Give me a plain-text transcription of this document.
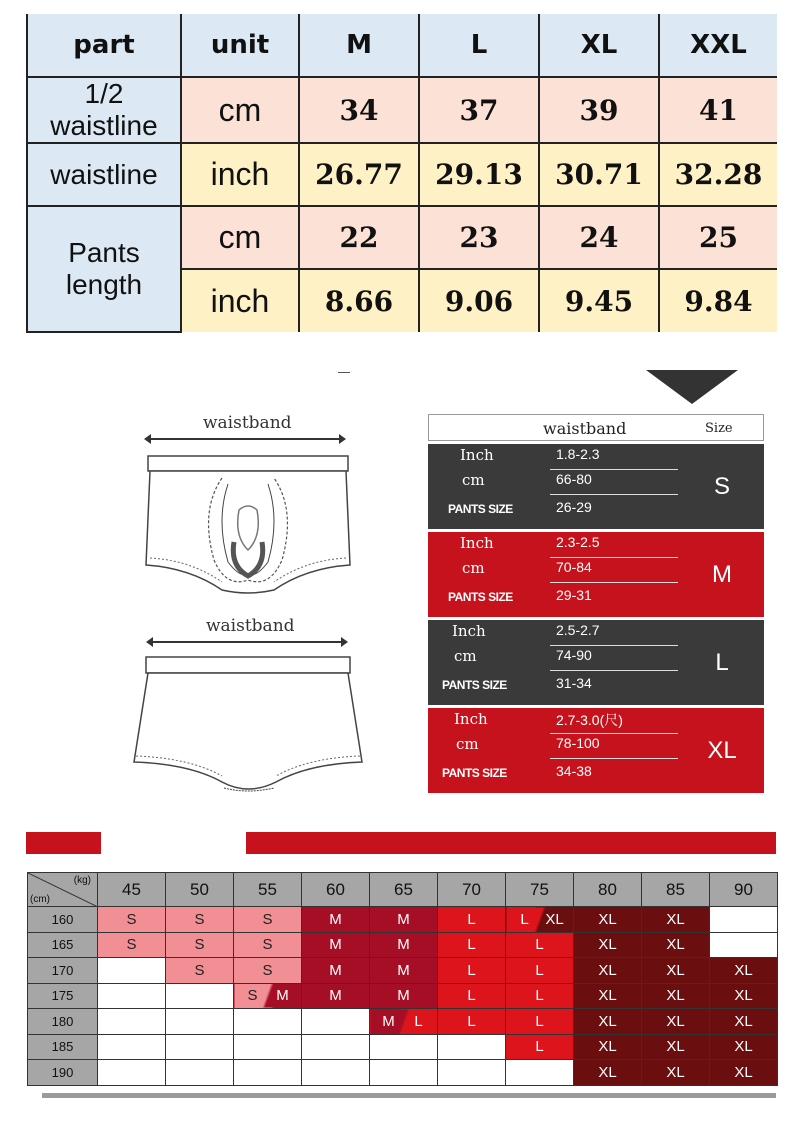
part	unit	M	L	XL	XXL
1/2 waistline	cm	34	37	39	41
waistline	inch	26.77	29.13	30.71	32.28
Pants length	cm	22	23	24	25
	inch	8.66	9.06	9.45	9.84
waistband
waistband
waistband	Size
Inch	1.8-2.3
cm	66-80
PANTS SIZE	26-29
S
Inch	2.3-2.5
cm	70-84
PANTS SIZE	29-31
M
Inch	2.5-2.7
cm	74-90
PANTS SIZE	31-34
L
Inch	2.7-3.0(尺)
cm	78-100
PANTS SIZE	34-38
XL
(kg)
(cm)	45	50	55	60	65	70	75	80	85	90
160	S	S	S	M	M	L	L XL	XL	XL	
165	S	S	S	M	M	L	L	XL	XL	
170		S	S	M	M	L	L	XL	XL	XL
175			S M	M	M	L	L	XL	XL	XL
180					M L	L	L	XL	XL	XL
185							L	XL	XL	XL
190								XL	XL	XL
